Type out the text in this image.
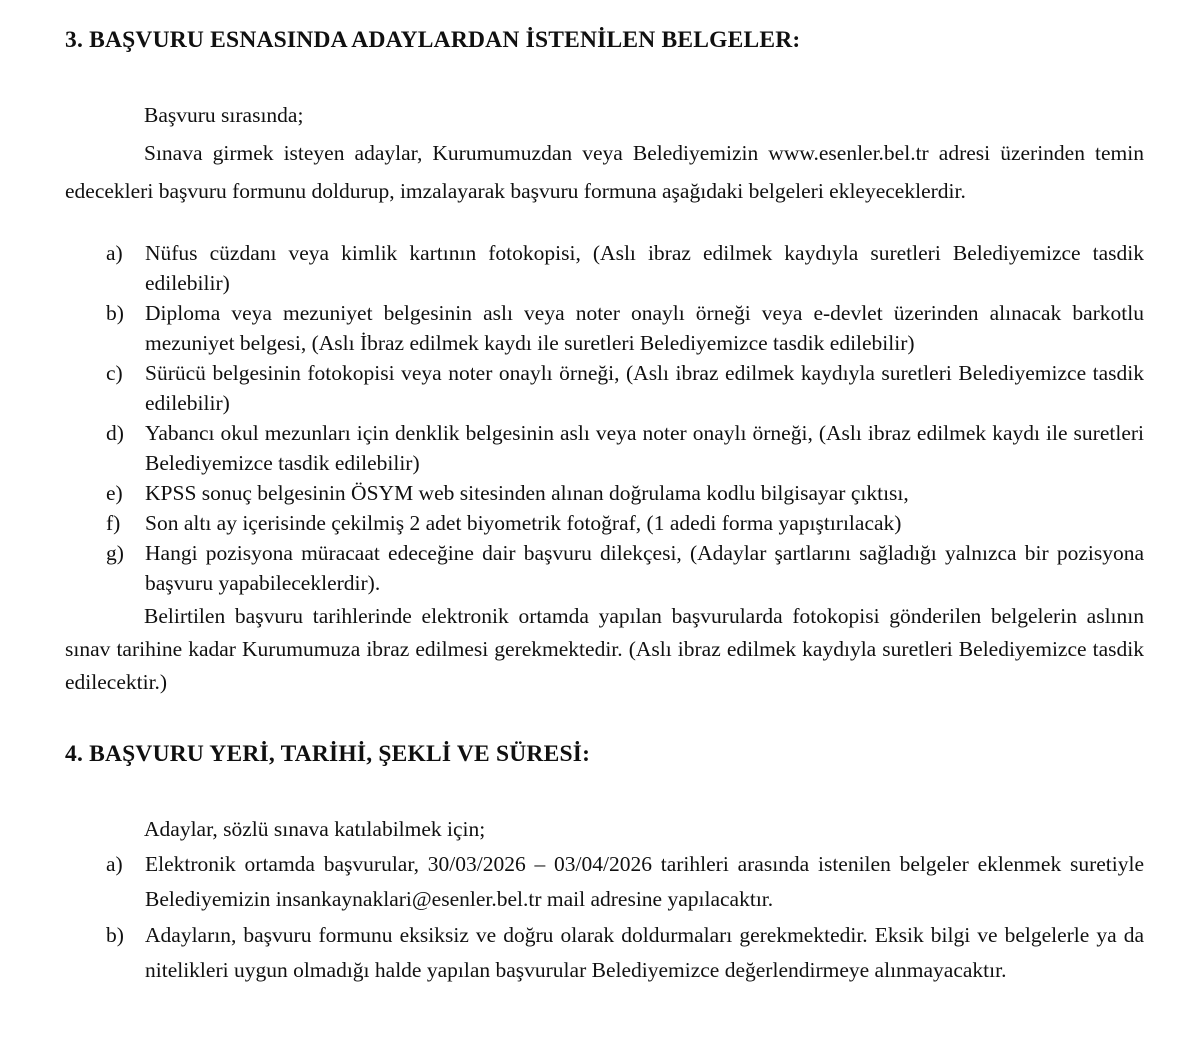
3. BAŞVURU ESNASINDA ADAYLARDAN İSTENİLEN BELGELER:

Başvuru sırasında;

Sınava girmek isteyen adaylar, Kurumumuzdan veya Belediyemizin www.esenler.bel.tr adresi üzerinden temin edecekleri başvuru formunu doldurup, imzalayarak başvuru formuna aşağıdaki belgeleri ekleyeceklerdir.

a) Nüfus cüzdanı veya kimlik kartının fotokopisi, (Aslı ibraz edilmek kaydıyla suretleri Belediyemizce tasdik edilebilir)
b) Diploma veya mezuniyet belgesinin aslı veya noter onaylı örneği veya e-devlet üzerinden alınacak barkotlu mezuniyet belgesi, (Aslı İbraz edilmek kaydı ile suretleri Belediyemizce tasdik edilebilir)
c) Sürücü belgesinin fotokopisi veya noter onaylı örneği, (Aslı ibraz edilmek kaydıyla suretleri Belediyemizce tasdik edilebilir)
d) Yabancı okul mezunları için denklik belgesinin aslı veya noter onaylı örneği, (Aslı ibraz edilmek kaydı ile suretleri Belediyemizce tasdik edilebilir)
e) KPSS sonuç belgesinin ÖSYM web sitesinden alınan doğrulama kodlu bilgisayar çıktısı,
f) Son altı ay içerisinde çekilmiş 2 adet biyometrik fotoğraf, (1 adedi forma yapıştırılacak)
g) Hangi pozisyona müracaat edeceğine dair başvuru dilekçesi, (Adaylar şartlarını sağladığı yalnızca bir pozisyona başvuru yapabileceklerdir).

Belirtilen başvuru tarihlerinde elektronik ortamda yapılan başvurularda fotokopisi gönderilen belgelerin aslının sınav tarihine kadar Kurumumuza ibraz edilmesi gerekmektedir. (Aslı ibraz edilmek kaydıyla suretleri Belediyemizce tasdik edilecektir.)

4. BAŞVURU YERİ, TARİHİ, ŞEKLİ VE SÜRESİ:

Adaylar, sözlü sınava katılabilmek için;

a) Elektronik ortamda başvurular, 30/03/2026 – 03/04/2026 tarihleri arasında istenilen belgeler eklenmek suretiyle Belediyemizin insankaynaklari@esenler.bel.tr mail adresine yapılacaktır.
b) Adayların, başvuru formunu eksiksiz ve doğru olarak doldurmaları gerekmektedir. Eksik bilgi ve belgelerle ya da nitelikleri uygun olmadığı halde yapılan başvurular Belediyemizce değerlendirmeye alınmayacaktır.
